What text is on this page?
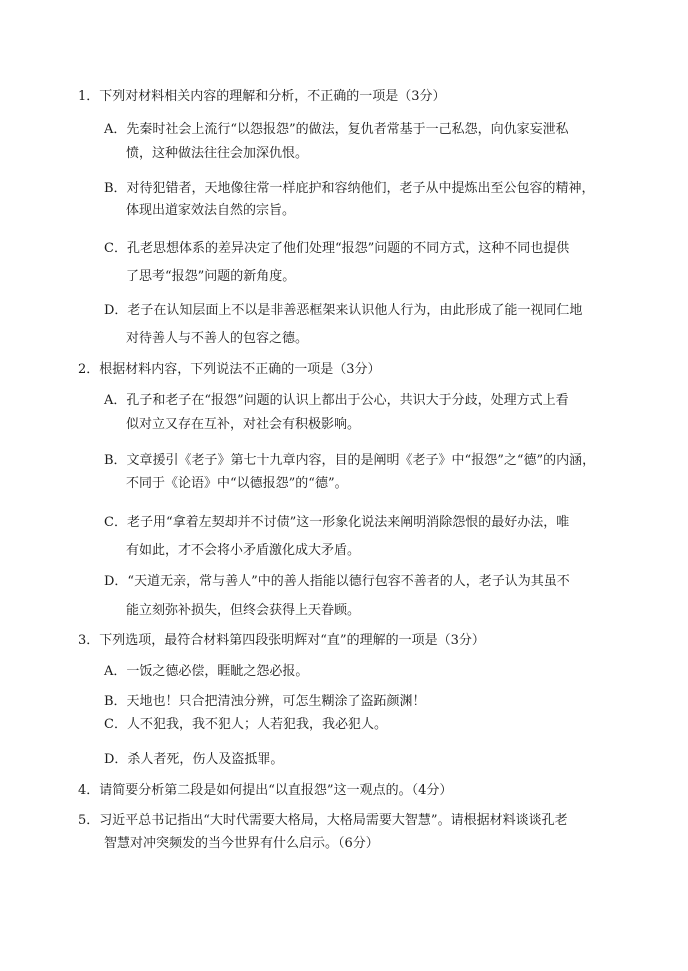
1．下列对材料相关内容的理解和分析，不正确的一项是（3分）
A．先秦时社会上流行“以怨报怨”的做法，复仇者常基于一己私怨，向仇家妄泄私
愤，这种做法往往会加深仇恨。
B．对待犯错者，天地像往常一样庇护和容纳他们，老子从中提炼出至公包容的精神，
体现出道家效法自然的宗旨。
C．孔老思想体系的差异决定了他们处理“报怨”问题的不同方式，这种不同也提供
了思考“报怨”问题的新角度。
D．老子在认知层面上不以是非善恶框架来认识他人行为，由此形成了能一视同仁地
对待善人与不善人的包容之德。
2．根据材料内容，下列说法不正确的一项是（3分）
A．孔子和老子在“报怨”问题的认识上都出于公心，共识大于分歧，处理方式上看
似对立又存在互补，对社会有积极影响。
B．文章援引《老子》第七十九章内容，目的是阐明《老子》中“报怨”之“德”的内涵，
不同于《论语》中“以德报怨”的“德”。
C．老子用“拿着左契却并不讨债”这一形象化说法来阐明消除怨恨的最好办法，唯
有如此，才不会将小矛盾激化成大矛盾。
D．“天道无亲，常与善人”中的善人指能以德行包容不善者的人，老子认为其虽不
能立刻弥补损失，但终会获得上天眷顾。
3．下列选项，最符合材料第四段张明辉对“直”的理解的一项是（3分）
A．一饭之德必偿，睚眦之怨必报。
B．天地也！只合把清浊分辨，可怎生糊涂了盗跖颜渊！
C．人不犯我，我不犯人；人若犯我，我必犯人。
D．杀人者死，伤人及盗抵罪。
4．请简要分析第二段是如何提出“以直报怨”这一观点的。（4分）
5．习近平总书记指出“大时代需要大格局，大格局需要大智慧”。请根据材料谈谈孔老
智慧对冲突频发的当今世界有什么启示。（6分）
